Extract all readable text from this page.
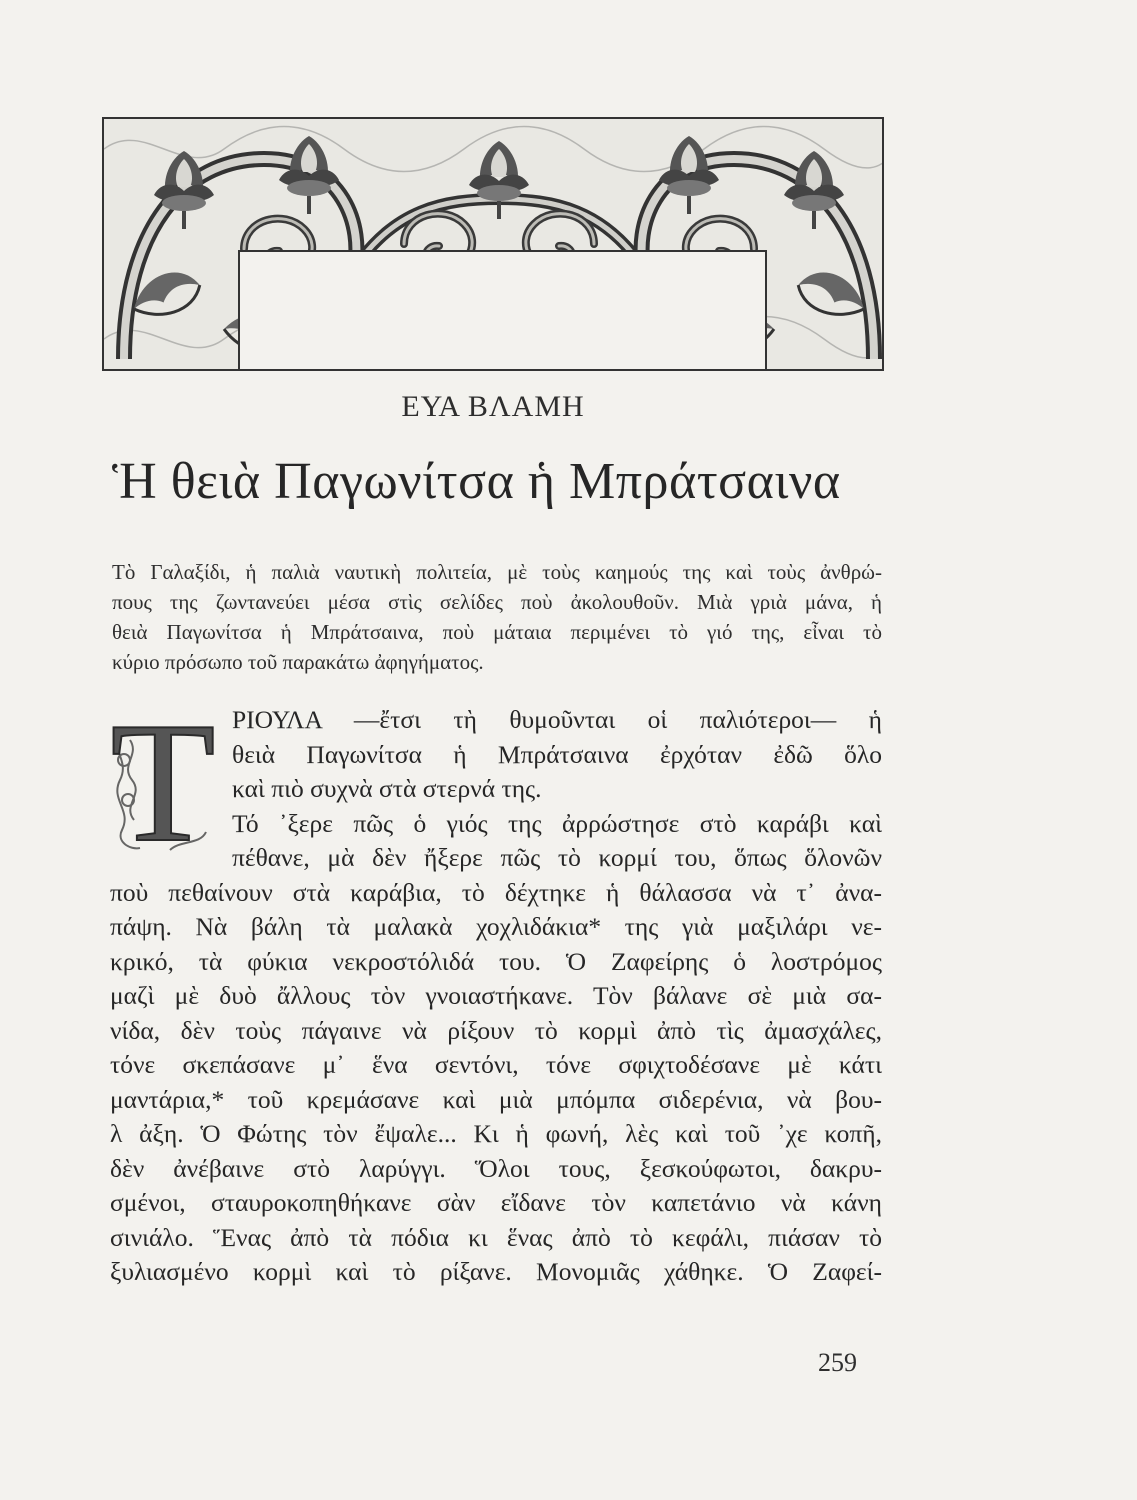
ΕΥΑ ΒΛΑΜΗ
Ἡ θειὰ Παγωνίτσα ἡ Μπράτσαινα
Τὸ Γαλαξίδι, ἡ παλιὰ ναυτικὴ πολιτεία, μὲ τοὺς καημούς της καὶ τοὺς ἀνθρώ-
πους της ζωντανεύει μέσα στὶς σελίδες ποὺ ἀκολουθοῦν. Μιὰ γριὰ μάνα, ἡ
θειὰ Παγωνίτσα ἡ Μπράτσαινα, ποὺ μάταια περιμένει τὸ γιό της, εἶναι τὸ
κύριο πρόσωπο τοῦ παρακάτω ἀφηγήματος.
Τ ΡΙΟΥΛΑ —ἔτσι τὴ θυμοῦνται οἱ παλιότεροι— ἡ
θειὰ Παγωνίτσα ἡ Μπράτσαινα ἐρχόταν ἐδῶ ὅλο
καὶ πιὸ συχνὰ στὰ στερνά της.
Τό ᾽ξερε πῶς ὁ γιός της ἀρρώστησε στὸ καράβι καὶ
πέθανε, μὰ δὲν ἤξερε πῶς τὸ κορμί του, ὅπως ὅλονῶν
ποὺ πεθαίνουν στὰ καράβια, τὸ δέχτηκε ἡ θάλασσα νὰ τ᾽ ἀνα-
πάψη. Νὰ βάλη τὰ μαλακὰ χοχλιδάκια* της γιὰ μαξιλάρι νε-
κρικό, τὰ φύκια νεκροστόλιδά του. Ὁ Ζαφείρης ὁ λοστρόμος
μαζὶ μὲ δυὸ ἄλλους τὸν γνοιαστήκανε. Τὸν βάλανε σὲ μιὰ σα-
νίδα, δὲν τοὺς πάγαινε νὰ ρίξουν τὸ κορμὶ ἀπὸ τὶς ἀμασχάλες,
τόνε σκεπάσανε μ᾽ ἕνα σεντόνι, τόνε σφιχτοδέσανε μὲ κάτι
μαντάρια,* τοῦ κρεμάσανε καὶ μιὰ μπόμπα σιδερένια, νὰ βου-
λ ἀξη. Ὁ Φώτης τὸν ἔψαλε... Κι ἡ φωνή, λὲς καὶ τοῦ ᾽χε κοπῆ,
δὲν ἀνέβαινε στὸ λαρύγγι. Ὅλοι τους, ξεσκούφωτοι, δακρυ-
σμένοι, σταυροκοπηθήκανε σὰν εἴδανε τὸν καπετάνιο νὰ κάνη
σινιάλο. Ἕνας ἀπὸ τὰ πόδια κι ἕνας ἀπὸ τὸ κεφάλι, πιάσαν τὸ
ξυλιασμένο κορμὶ καὶ τὸ ρίξανε. Μονομιᾶς χάθηκε. Ὁ Ζαφεί-
259
